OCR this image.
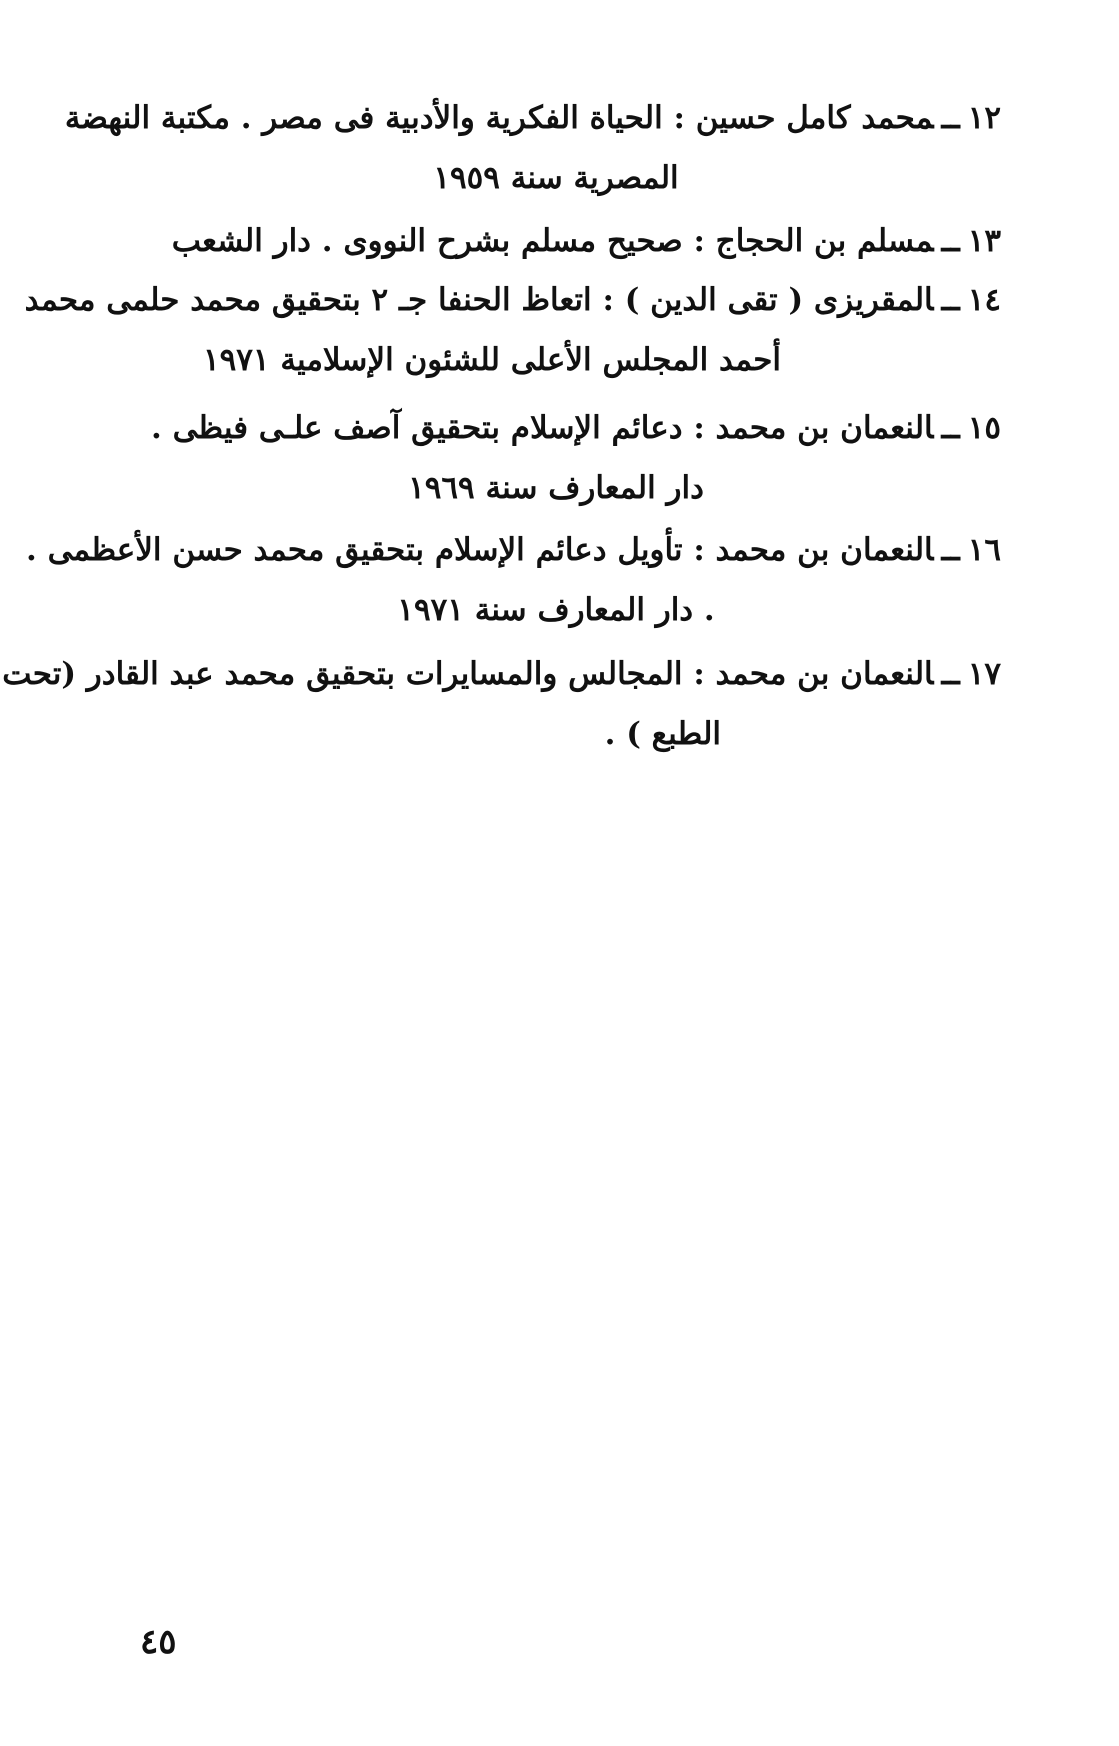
١٢ــمحمد كامل حسين : الحياة الفكرية والأدبية فى مصر . مكتبة النهضة
المصرية سنة ١٩٥٩
١٣ــمسلم بن الحجاج : صحيح مسلم بشرح النووى . دار الشعب
١٤ــالمقريزى ( تقى الدين ) : اتعاظ الحنفا جـ ٢ بتحقيق محمد حلمى محمد
أحمد المجلس الأعلى للشئون الإسلامية ١٩٧١
١٥ــالنعمان بن محمد : دعائم الإسلام بتحقيق آصف علـى فيظى .
دار المعارف سنة ١٩٦٩
١٦ــالنعمان بن محمد : تأويل دعائم الإسلام بتحقيق محمد حسن الأعظمى .
. دار المعارف سنة ١٩٧١
١٧ــالنعمان بن محمد : المجالس والمسايرات بتحقيق محمد عبد القادر (تحت
الطبع ) .
٤٥
